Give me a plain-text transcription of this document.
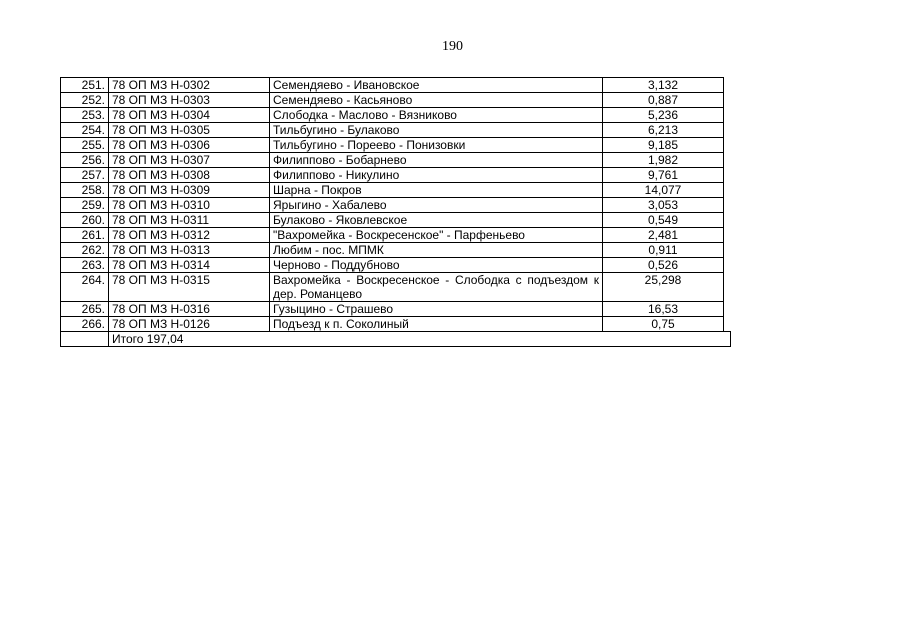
190
251.	78 ОП МЗ Н-0302	Семендяево - Ивановское	3,132	
252.	78 ОП МЗ Н-0303	Семендяево - Касьяново	0,887	
253.	78 ОП МЗ Н-0304	Слободка - Маслово - Вязниково	5,236	
254.	78 ОП МЗ Н-0305	Тильбугино - Булаково	6,213	
255.	78 ОП МЗ Н-0306	Тильбугино - Пореево - Понизовки	9,185	
256.	78 ОП МЗ Н-0307	Филиппово - Бобарнево	1,982	
257.	78 ОП МЗ Н-0308	Филиппово - Никулино	9,761	
258.	78 ОП МЗ Н-0309	Шарна - Покров	14,077	
259.	78 ОП МЗ Н-0310	Ярыгино - Хабалево	3,053	
260.	78 ОП МЗ Н-0311	Булаково - Яковлевское	0,549	
261.	78 ОП МЗ Н-0312	"Вахромейка - Воскресенское" - Парфеньево	2,481	
262.	78 ОП МЗ Н-0313	Любим - пос. МПМК	0,911	
263.	78 ОП МЗ Н-0314	Черново - Поддубново	0,526	
264.	78 ОП МЗ Н-0315	Вахромейка - Воскресенское - Слободка с подъездом к дер. Романцево	25,298	
265.	78 ОП МЗ Н-0316	Гузыцино - Страшево	16,53	
266.	78 ОП МЗ Н-0126	Подъезд к п. Соколиный	0,75	
	Итого 197,04			
